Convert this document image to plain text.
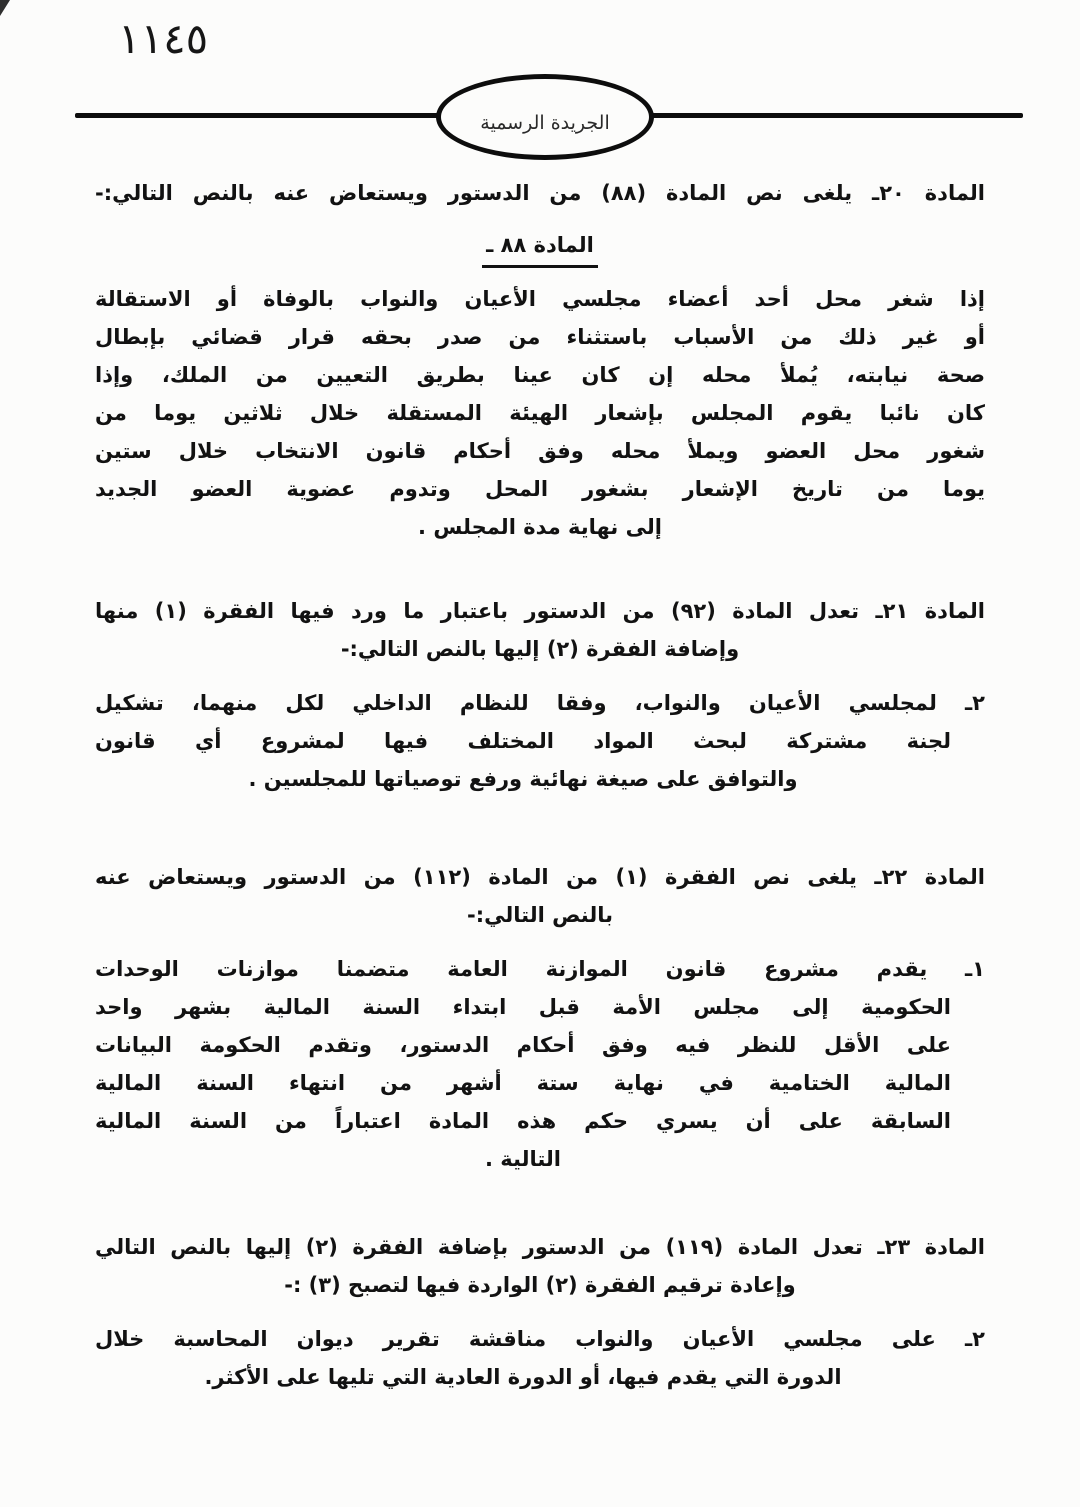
١١٤٥
الجريدة الرسمية
المادة ٢٠ـ يلغى نص المادة (٨٨) من الدستور ويستعاض عنه بالنص التالي:-
المادة ٨٨ ـ
إذا شغر محل أحد أعضاء مجلسي الأعيان والنواب بالوفاة أو الاستقالة
أو غير ذلك من الأسباب باستثناء من صدر بحقه قرار قضائي بإبطال
صحة نيابته، يُملأ محله إن كان عينا بطريق التعيين من الملك، وإذا
كان نائبا يقوم المجلس بإشعار الهيئة المستقلة خلال ثلاثين يوما من
شغور محل العضو ويملأ محله وفق أحكام قانون الانتخاب خلال ستين
يوما من تاريخ الإشعار بشغور المحل وتدوم عضوية العضو الجديد
إلى نهاية مدة المجلس .
المادة ٢١ـ تعدل المادة (٩٢) من الدستور باعتبار ما ورد فيها الفقرة (١) منها
وإضافة الفقرة (٢) إليها بالنص التالي:-
٢ـ لمجلسي الأعيان والنواب، وفقا للنظام الداخلي لكل منهما، تشكيل
لجنة مشتركة لبحث المواد المختلف فيها لمشروع أي قانون
والتوافق على صيغة نهائية ورفع توصياتها للمجلسين .
المادة ٢٢ـ يلغى نص الفقرة (١) من المادة (١١٢) من الدستور ويستعاض عنه
بالنص التالي:-
١ـ يقدم مشروع قانون الموازنة العامة متضمنا موازنات الوحدات
الحكومية إلى مجلس الأمة قبل ابتداء السنة المالية بشهر واحد
على الأقل للنظر فيه وفق أحكام الدستور، وتقدم الحكومة البيانات
المالية الختامية في نهاية ستة أشهر من انتهاء السنة المالية
السابقة على أن يسري حكم هذه المادة اعتباراً من السنة المالية
التالية .
المادة ٢٣ـ تعدل المادة (١١٩) من الدستور بإضافة الفقرة (٢) إليها بالنص التالي
وإعادة ترقيم الفقرة (٢) الواردة فيها لتصبح (٣) :-
٢ـ على مجلسي الأعيان والنواب مناقشة تقرير ديوان المحاسبة خلال
الدورة التي يقدم فيها، أو الدورة العادية التي تليها على الأكثر.
